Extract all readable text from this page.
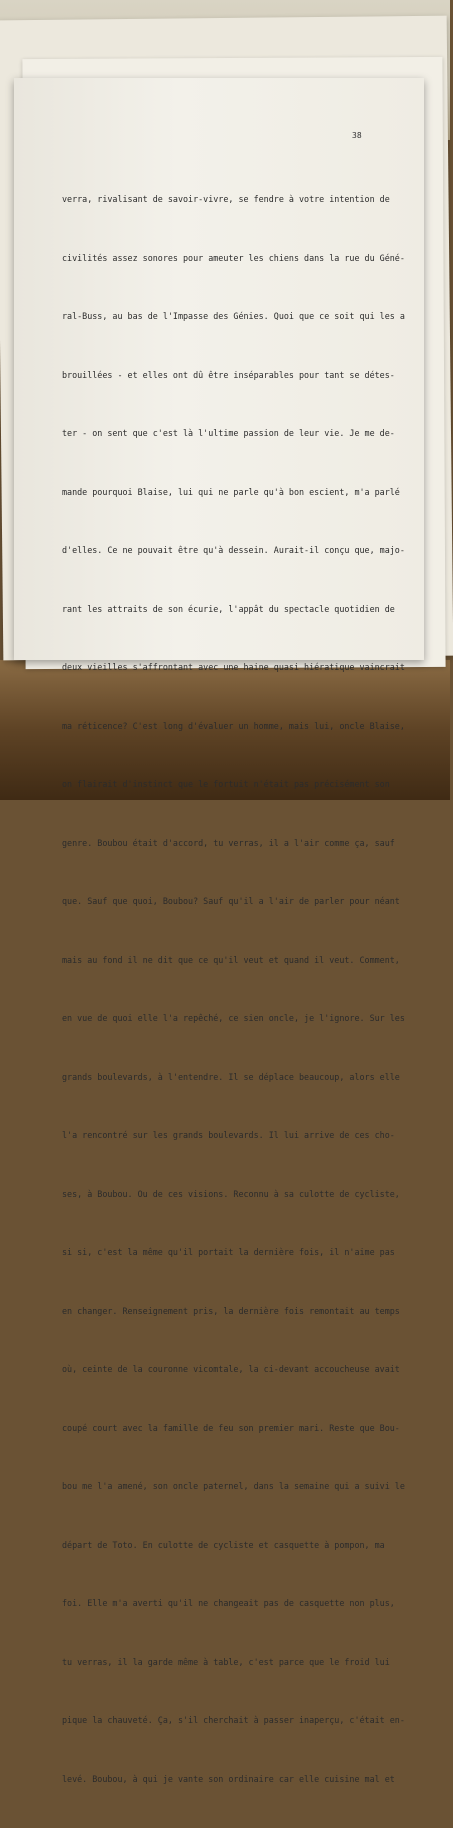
38

verra, rivalisant de savoir-vivre, se fendre à votre intention de

civilités assez sonores pour ameuter les chiens dans la rue du Géné-

ral-Buss, au bas de l'Impasse des Génies. Quoi que ce soit qui les a

brouillées - et elles ont dû être inséparables pour tant se détes-

ter - on sent que c'est là l'ultime passion de leur vie. Je me de-

mande pourquoi Blaise, lui qui ne parle qu'à bon escient, m'a parlé

d'elles. Ce ne pouvait être qu'à dessein. Aurait-il conçu que, majo-

rant les attraits de son écurie, l'appât du spectacle quotidien de

deux vieilles s'affrontant avec une haine quasi hiératique vaincrait

ma réticence? C'est long d'évaluer un homme, mais lui, oncle Blaise,

on flairait d'instinct que le fortuit n'était pas précisément son

genre. Boubou était d'accord, tu verras, il a l'air comme ça, sauf

que. Sauf que quoi, Boubou? Sauf qu'il a l'air de parler pour néant

mais au fond il ne dit que ce qu'il veut et quand il veut. Comment,

en vue de quoi elle l'a repêché, ce sien oncle, je l'ignore. Sur les

grands boulevards, à l'entendre. Il se déplace beaucoup, alors elle

l'a rencontré sur les grands boulevards. Il lui arrive de ces cho-

ses, à Boubou. Ou de ces visions. Reconnu à sa culotte de cycliste,

si si, c'est la même qu'il portait la dernière fois, il n'aime pas

en changer. Renseignement pris, la dernière fois remontait au temps

où, ceinte de la couronne vicomtale, la ci-devant accoucheuse avait

coupé court avec la famille de feu son premier mari. Reste que Bou-

bou me l'a amené, son oncle paternel, dans la semaine qui a suivi le

départ de Toto. En culotte de cycliste et casquette à pompon, ma

foi. Elle m'a averti qu'il ne changeait pas de casquette non plus,

tu verras, il la garde même à table, c'est parce que le froid lui

pique la chauveté. Ça, s'il cherchait à passer inaperçu, c'était en-

levé. Boubou, à qui je vante son ordinaire car elle cuisine mal et
